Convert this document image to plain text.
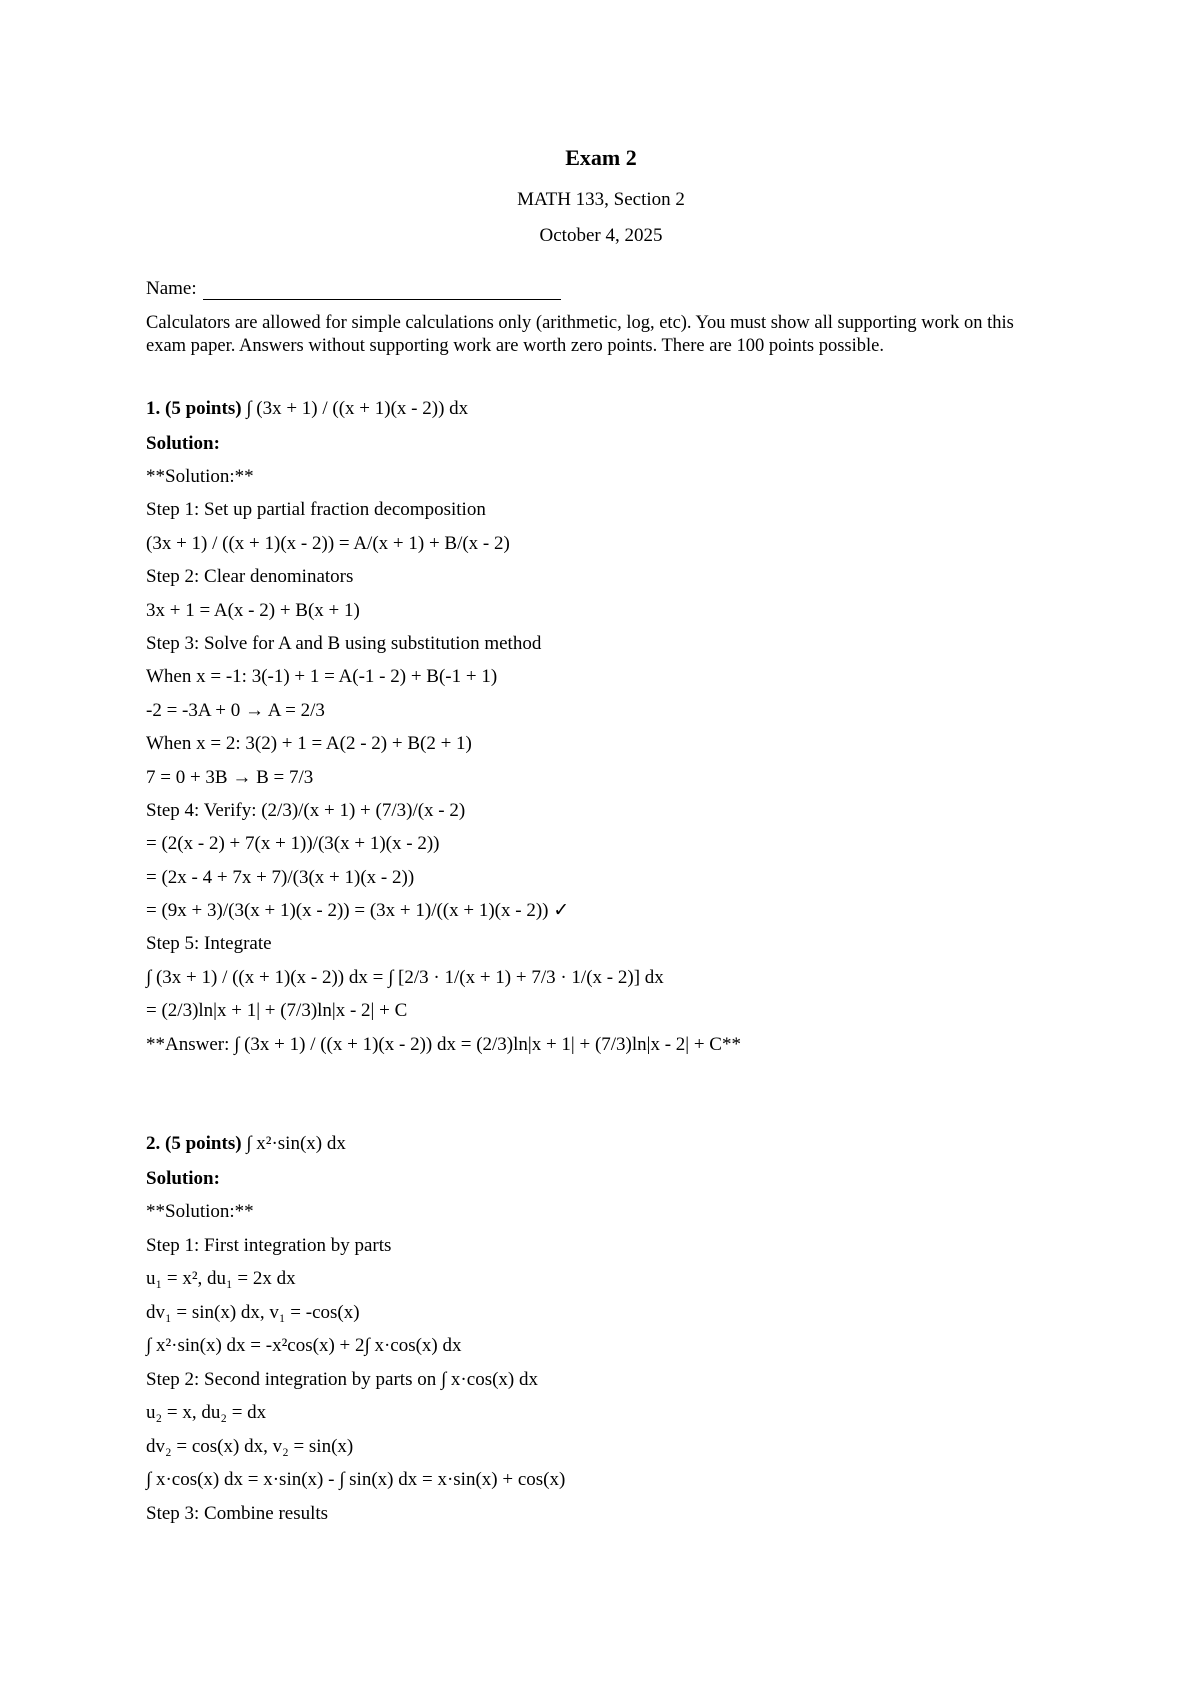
Exam 2
MATH 133, Section 2
October 4, 2025
Name:
Calculators are allowed for simple calculations only (arithmetic, log, etc). You must show all supporting work on this exam paper. Answers without supporting work are worth zero points. There are 100 points possible.
1. (5 points) ∫ (3x + 1) / ((x + 1)(x - 2)) dx
Solution:
**Solution:**
Step 1: Set up partial fraction decomposition
(3x + 1) / ((x + 1)(x - 2)) = A/(x + 1) + B/(x - 2)
Step 2: Clear denominators
3x + 1 = A(x - 2) + B(x + 1)
Step 3: Solve for A and B using substitution method
When x = -1: 3(-1) + 1 = A(-1 - 2) + B(-1 + 1)
-2 = -3A + 0 → A = 2/3
When x = 2: 3(2) + 1 = A(2 - 2) + B(2 + 1)
7 = 0 + 3B → B = 7/3
Step 4: Verify: (2/3)/(x + 1) + (7/3)/(x - 2)
= (2(x - 2) + 7(x + 1))/(3(x + 1)(x - 2))
= (2x - 4 + 7x + 7)/(3(x + 1)(x - 2))
= (9x + 3)/(3(x + 1)(x - 2)) = (3x + 1)/((x + 1)(x - 2)) ✓
Step 5: Integrate
∫ (3x + 1) / ((x + 1)(x - 2)) dx = ∫ [2/3 · 1/(x + 1) + 7/3 · 1/(x - 2)] dx
= (2/3)ln|x + 1| + (7/3)ln|x - 2| + C
**Answer: ∫ (3x + 1) / ((x + 1)(x - 2)) dx = (2/3)ln|x + 1| + (7/3)ln|x - 2| + C**
2. (5 points) ∫ x²·sin(x) dx
Solution:
**Solution:**
Step 1: First integration by parts
u₁ = x², du₁ = 2x dx
dv₁ = sin(x) dx, v₁ = -cos(x)
∫ x²·sin(x) dx = -x²cos(x) + 2∫ x·cos(x) dx
Step 2: Second integration by parts on ∫ x·cos(x) dx
u₂ = x, du₂ = dx
dv₂ = cos(x) dx, v₂ = sin(x)
∫ x·cos(x) dx = x·sin(x) - ∫ sin(x) dx = x·sin(x) + cos(x)
Step 3: Combine results
